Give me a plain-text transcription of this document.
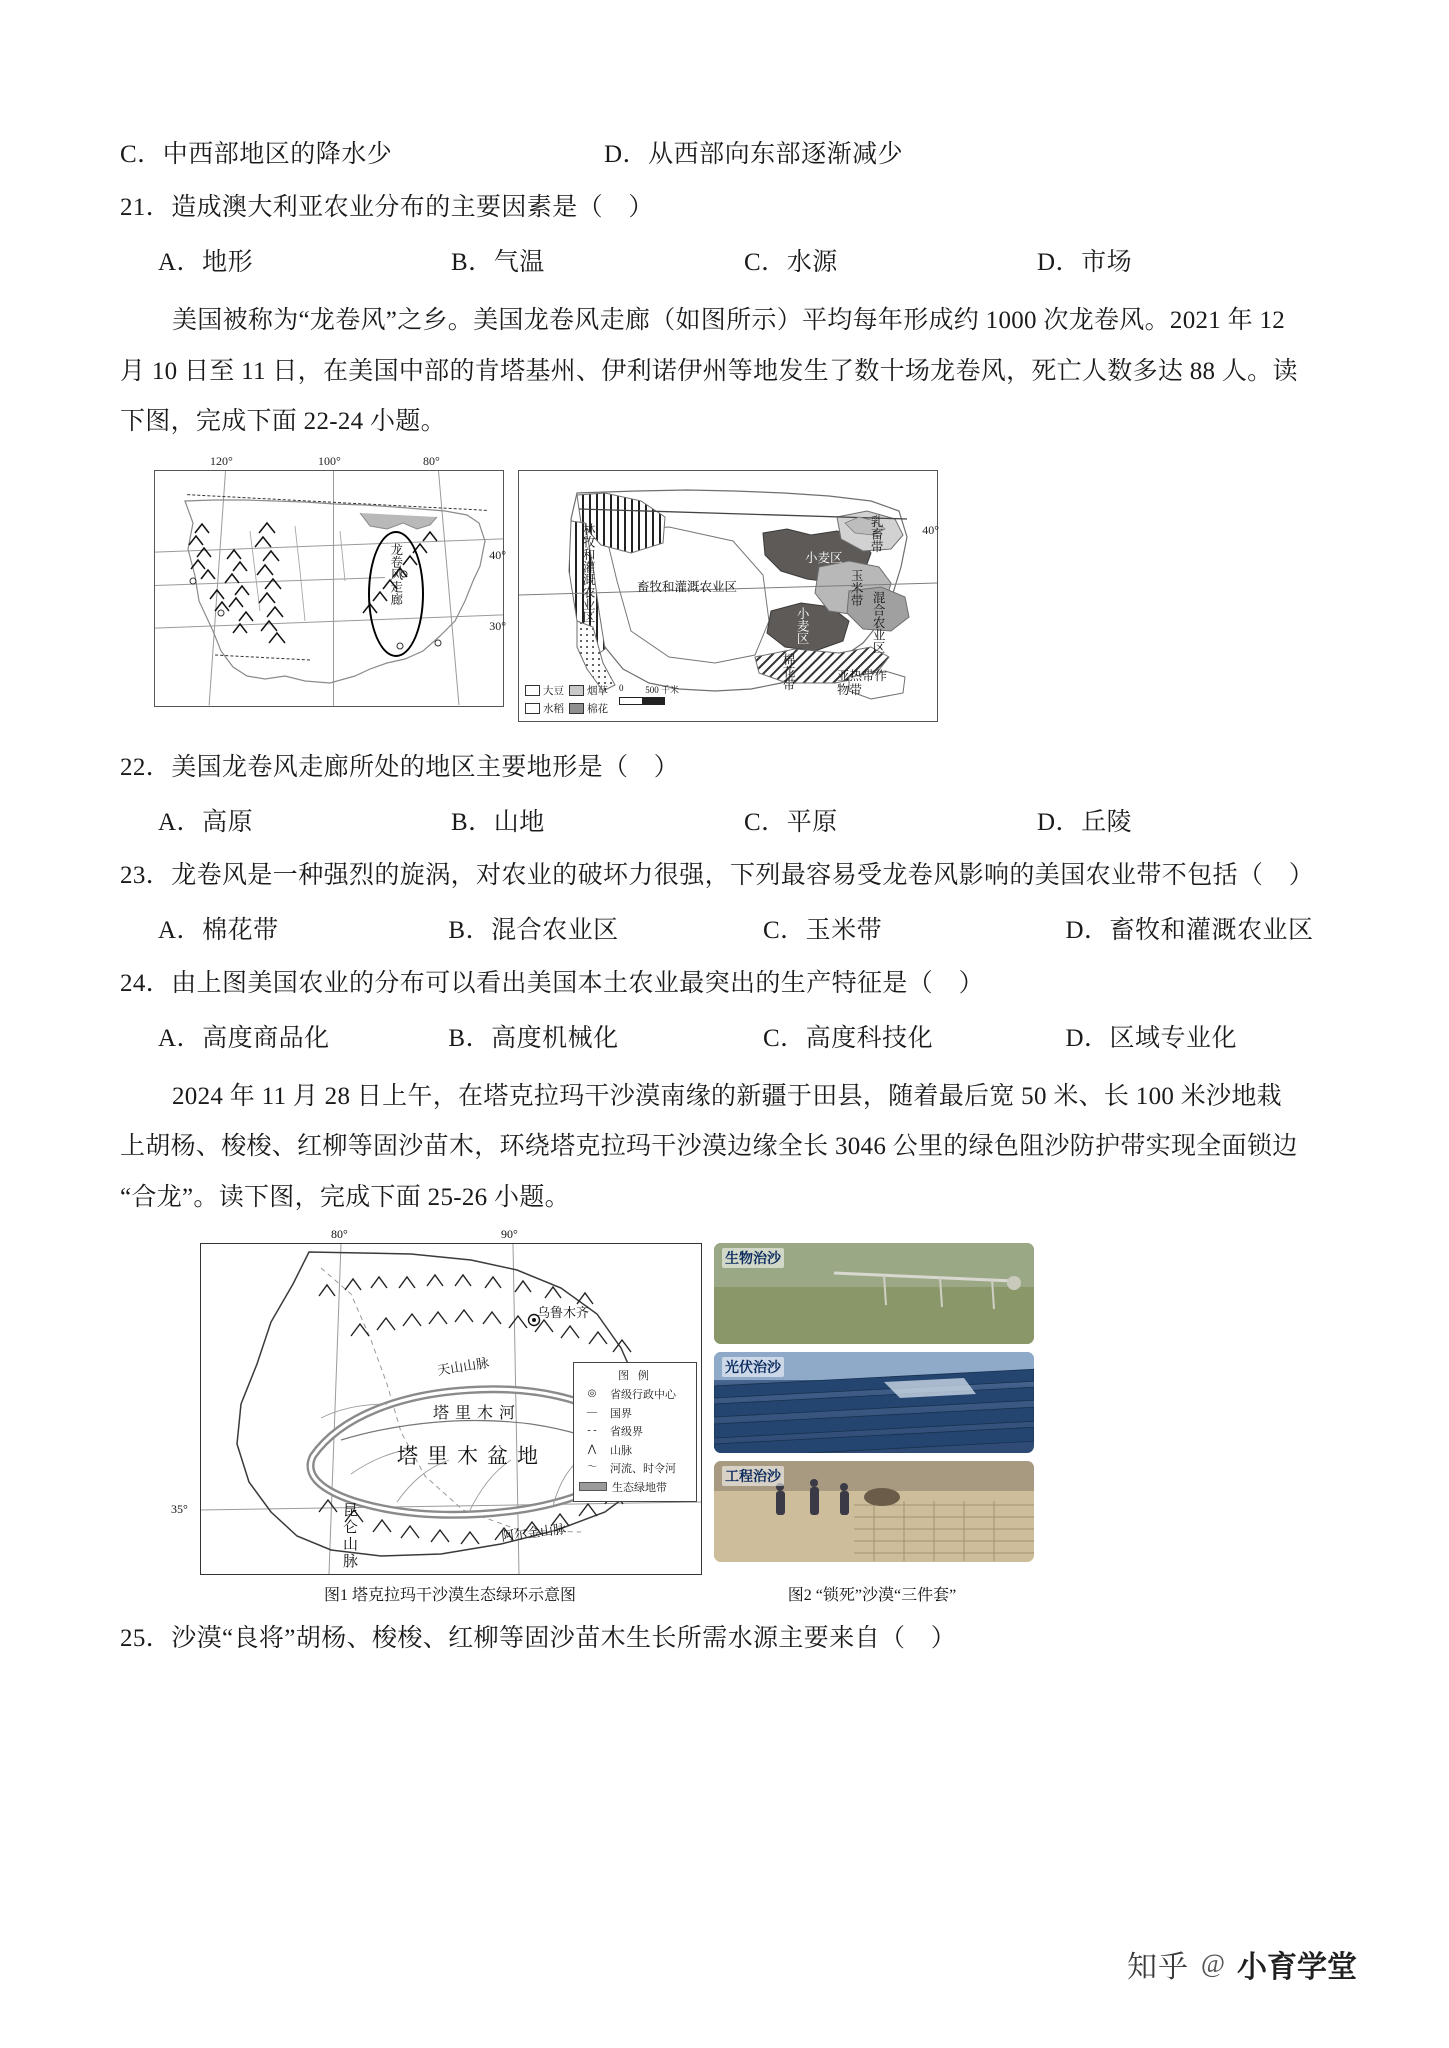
C．中西部地区的降水少	D．从西部向东部逐渐减少
21．造成澳大利亚农业分布的主要因素是（　）
A．地形	B．气温	C．水源	D．市场
美国被称为“龙卷风”之乡。美国龙卷风走廊（如图所示）平均每年形成约 1000 次龙卷风。2021 年 12
月 10 日至 11 日，在美国中部的肯塔基州、伊利诺伊州等地发生了数十场龙卷风，死亡人数多达 88 人。读
下图，完成下面 22-24 小题。
120°	100°	80°
40°
30°
龙卷风走廊
40°
畜牧和灌溉农业区
小麦区
小麦区
玉米带
乳畜带
混合农业区
棉花带	亚热带作物带
林牧和灌溉农业区
大豆
水稻
烟草
棉花
0 500 千米
22．美国龙卷风走廊所处的地区主要地形是（　）
A．高原	B．山地	C．平原	D．丘陵
23．龙卷风是一种强烈的旋涡，对农业的破坏力很强，下列最容易受龙卷风影响的美国农业带不包括（　）
A．棉花带	B．混合农业区	C．玉米带	D．畜牧和灌溉农业区
24．由上图美国农业的分布可以看出美国本土农业最突出的生产特征是（　）
A．高度商品化	B．高度机械化	C．高度科技化	D．区域专业化
2024 年 11 月 28 日上午，在塔克拉玛干沙漠南缘的新疆于田县，随着最后宽 50 米、长 100 米沙地栽
上胡杨、梭梭、红柳等固沙苗木，环绕塔克拉玛干沙漠边缘全长 3046 公里的绿色阻沙防护带实现全面锁边
“合龙”。读下图，完成下面 25-26 小题。
80°	90°
35°
乌鲁木齐
天山山脉
塔里木河
塔里木盆地
昆仑山脉	阿尔金山脉
图 例
◎	省级行政中心
—	国界
- -	省级界
⋀	山脉
〜	河流、时令河
生态绿地带
生物治沙
光伏治沙
工程治沙
图1 塔克拉玛干沙漠生态绿环示意图	图2 “锁死”沙漠“三件套”
25．沙漠“良将”胡杨、梭梭、红柳等固沙苗木生长所需水源主要来自（　）
知乎 @ 小育学堂
